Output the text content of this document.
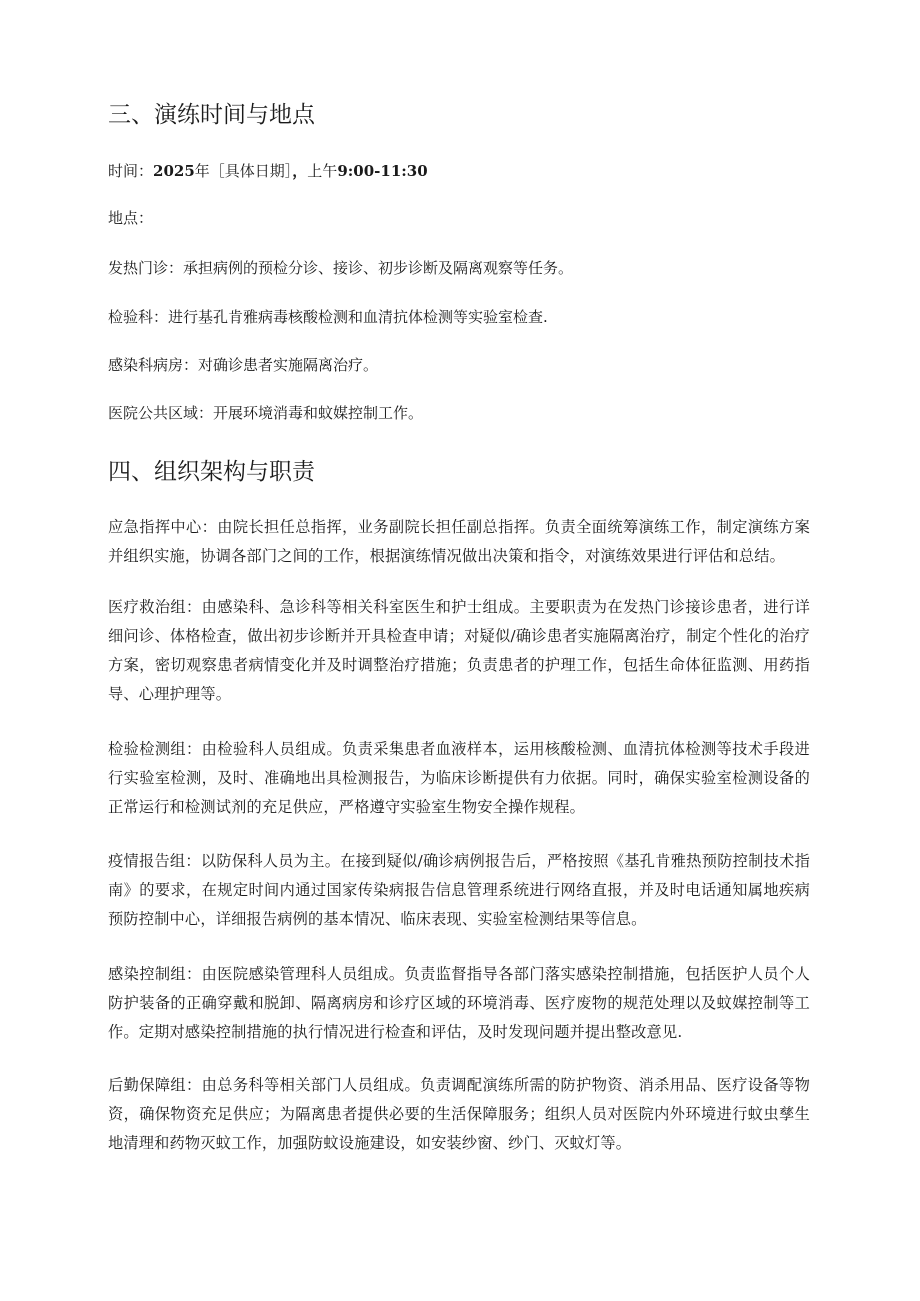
三、演练时间与地点

时间：2025年［具体日期］，上午9:00-11:30

地点：

发热门诊：承担病例的预检分诊、接诊、初步诊断及隔离观察等任务。

检验科：进行基孔肯雅病毒核酸检测和血清抗体检测等实验室检查.

感染科病房：对确诊患者实施隔离治疗。

医院公共区域：开展环境消毒和蚊媒控制工作。

四、组织架构与职责

应急指挥中心：由院长担任总指挥，业务副院长担任副总指挥。负责全面统筹演练工作，制定演练方案并组织实施，协调各部门之间的工作，根据演练情况做出决策和指令，对演练效果进行评估和总结。

医疗救治组：由感染科、急诊科等相关科室医生和护士组成。主要职责为在发热门诊接诊患者，进行详细问诊、体格检查，做出初步诊断并开具检查申请；对疑似/确诊患者实施隔离治疗，制定个性化的治疗方案，密切观察患者病情变化并及时调整治疗措施；负责患者的护理工作，包括生命体征监测、用药指导、心理护理等。

检验检测组：由检验科人员组成。负责采集患者血液样本，运用核酸检测、血清抗体检测等技术手段进行实验室检测，及时、准确地出具检测报告，为临床诊断提供有力依据。同时，确保实验室检测设备的正常运行和检测试剂的充足供应，严格遵守实验室生物安全操作规程。

疫情报告组：以防保科人员为主。在接到疑似/确诊病例报告后，严格按照《基孔肯雅热预防控制技术指南》的要求，在规定时间内通过国家传染病报告信息管理系统进行网络直报，并及时电话通知属地疾病预防控制中心，详细报告病例的基本情况、临床表现、实验室检测结果等信息。

感染控制组：由医院感染管理科人员组成。负责监督指导各部门落实感染控制措施，包括医护人员个人防护装备的正确穿戴和脱卸、隔离病房和诊疗区域的环境消毒、医疗废物的规范处理以及蚊媒控制等工作。定期对感染控制措施的执行情况进行检查和评估，及时发现问题并提出整改意见.

后勤保障组：由总务科等相关部门人员组成。负责调配演练所需的防护物资、消杀用品、医疗设备等物资，确保物资充足供应；为隔离患者提供必要的生活保障服务；组织人员对医院内外环境进行蚊虫孳生地清理和药物灭蚊工作，加强防蚊设施建设，如安装纱窗、纱门、灭蚊灯等。
